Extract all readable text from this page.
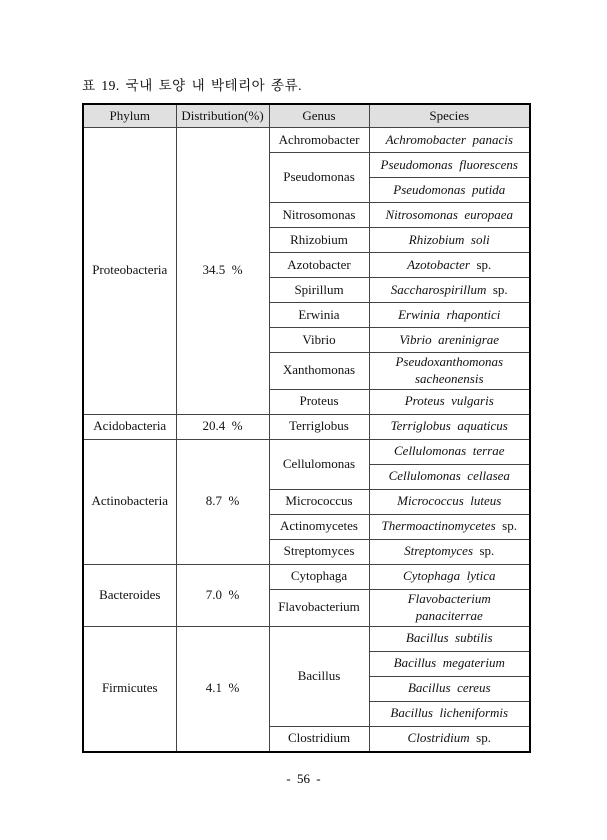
표 19. 국내 토양 내 박테리아 종류.
Phylum	Distribution(%)	Genus	Species
Proteobacteria	34.5 %	Achromobacter	Achromobacter panacis
		Pseudomonas	Pseudomonas fluorescens
			Pseudomonas putida
		Nitrosomonas	Nitrosomonas europaea
		Rhizobium	Rhizobium soli
		Azotobacter	Azotobacter sp.
		Spirillum	Saccharospirillum sp.
		Erwinia	Erwinia rhapontici
		Vibrio	Vibrio areninigrae
		Xanthomonas	Pseudoxanthomonas sacheonensis
		Proteus	Proteus vulgaris
Acidobacteria	20.4 %	Terriglobus	Terriglobus aquaticus
Actinobacteria	8.7 %	Cellulomonas	Cellulomonas terrae
			Cellulomonas cellasea
		Micrococcus	Micrococcus luteus
		Actinomycetes	Thermoactinomycetes sp.
		Streptomyces	Streptomyces sp.
Bacteroides	7.0 %	Cytophaga	Cytophaga lytica
		Flavobacterium	Flavobacterium panaciterrae
Firmicutes	4.1 %	Bacillus	Bacillus subtilis
			Bacillus megaterium
			Bacillus cereus
			Bacillus licheniformis
		Clostridium	Clostridium sp.
- 56 -
